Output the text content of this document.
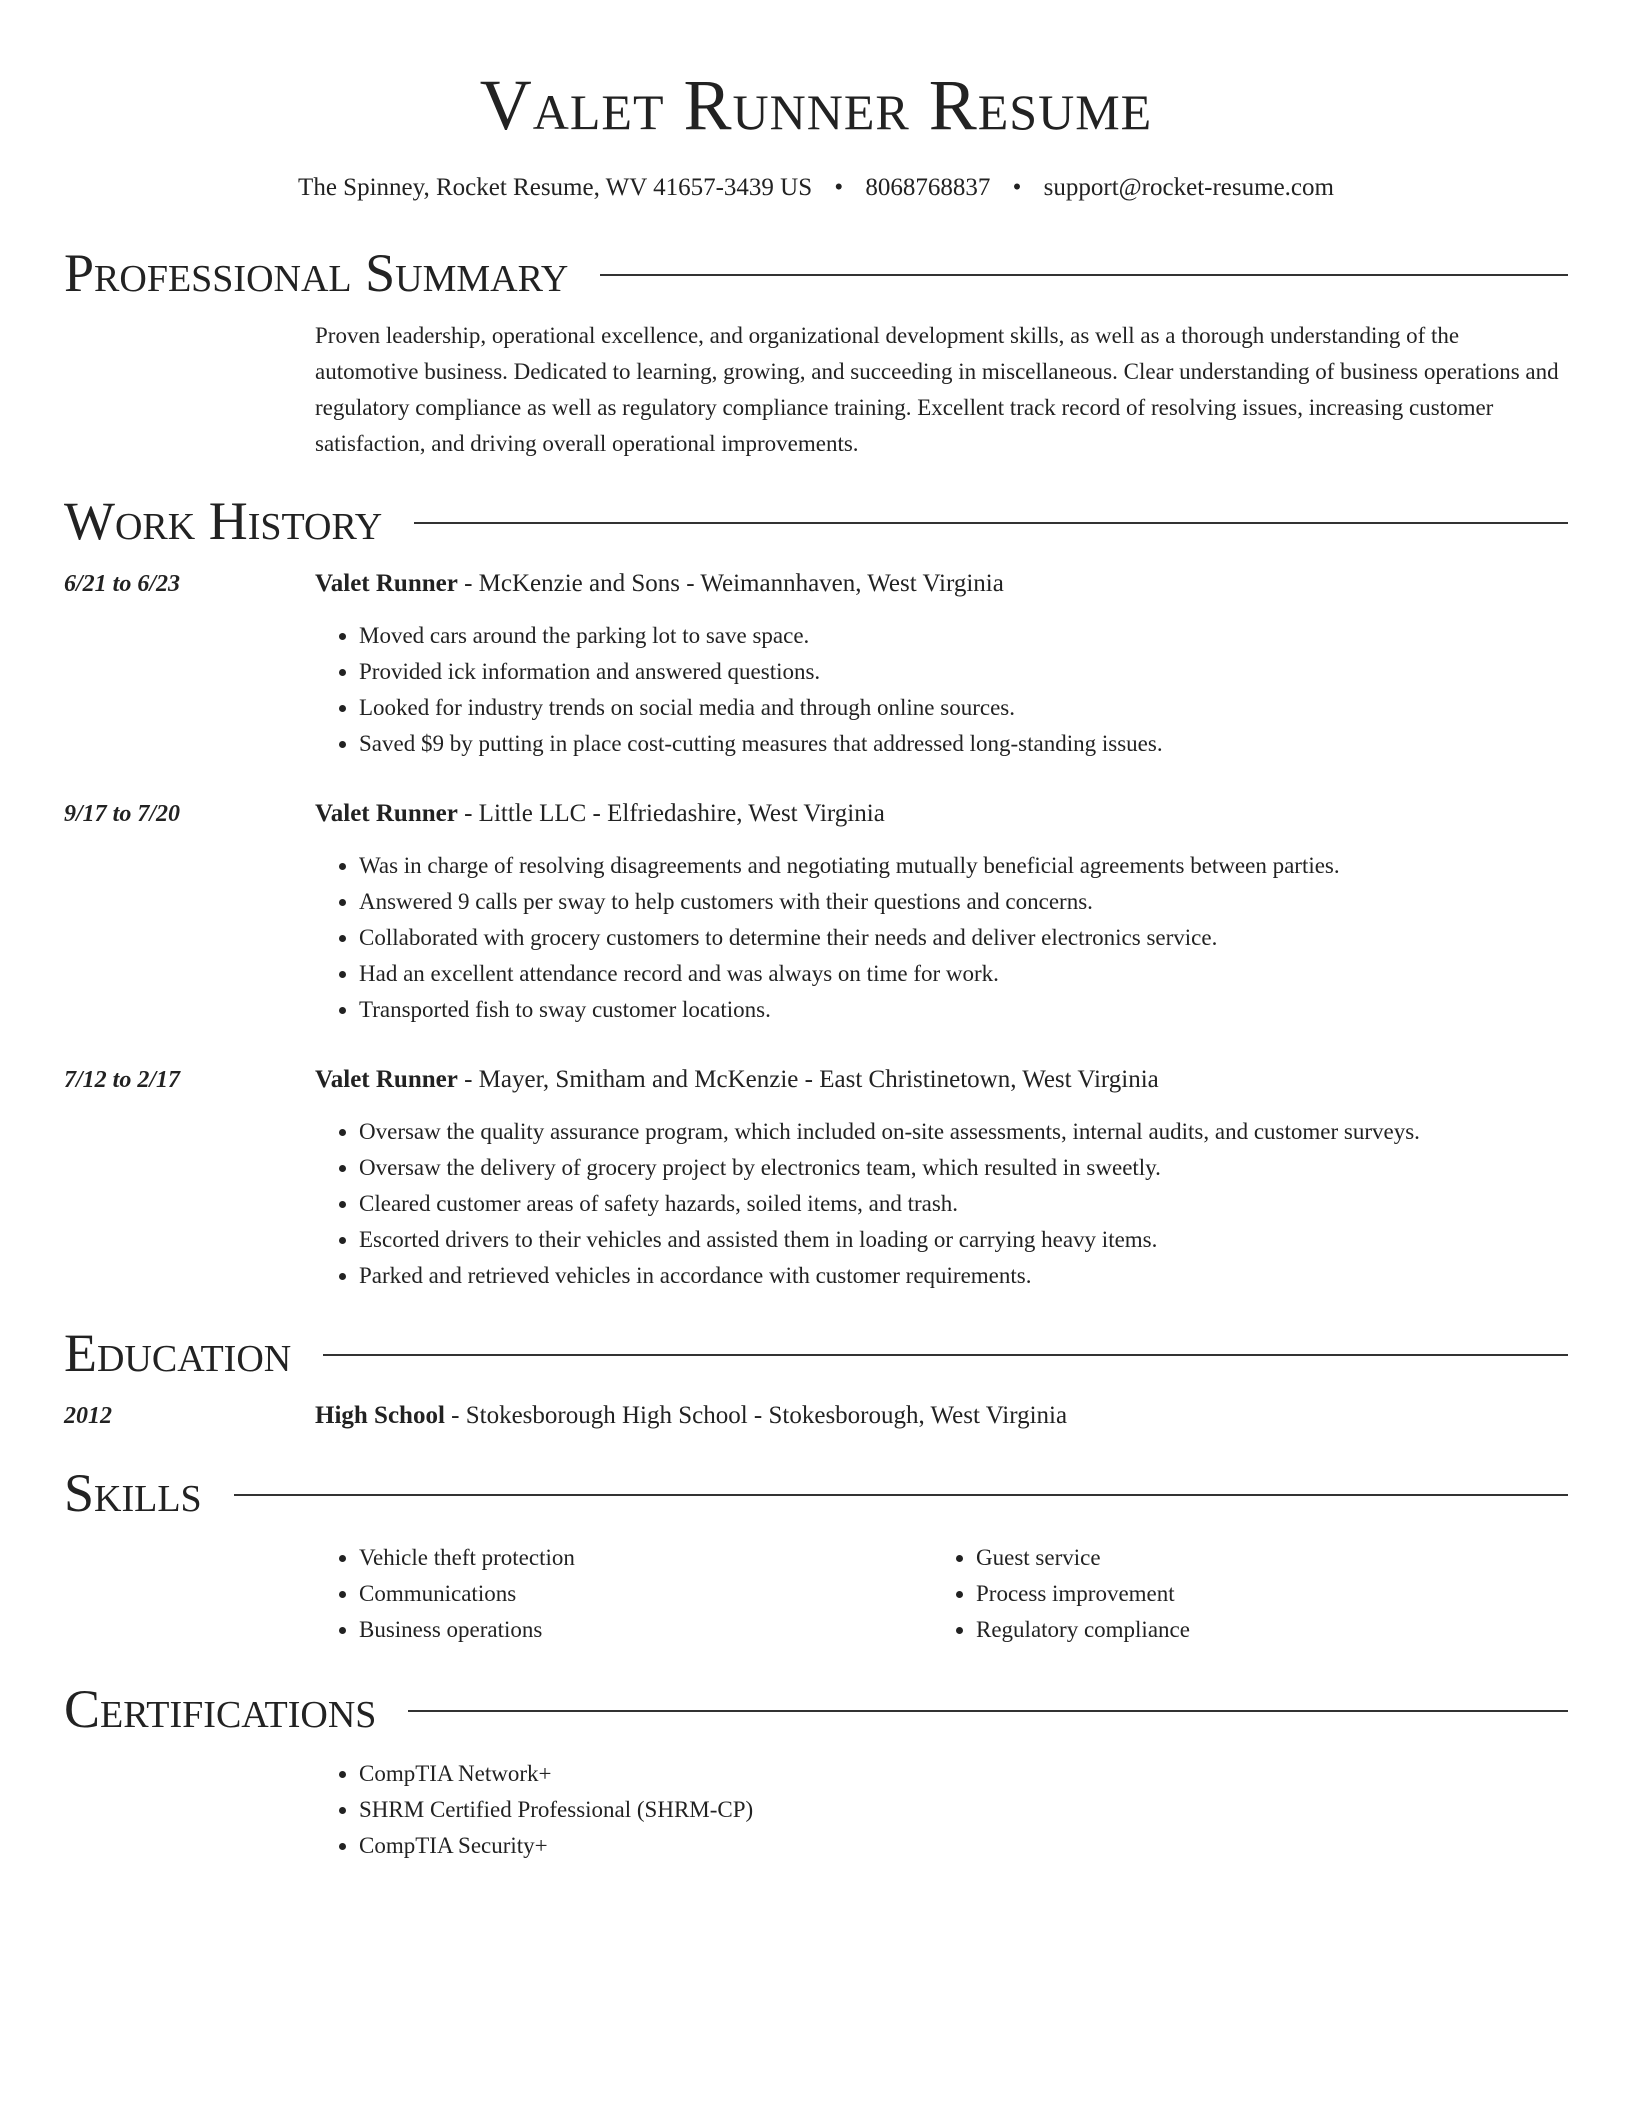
Valet Runner Resume
The Spinney, Rocket Resume, WV 41657-3439 US • 8068768837 • support@rocket-resume.com
Professional Summary
Proven leadership, operational excellence, and organizational development skills, as well as a thorough understanding of the automotive business. Dedicated to learning, growing, and succeeding in miscellaneous. Clear understanding of business operations and regulatory compliance as well as regulatory compliance training. Excellent track record of resolving issues, increasing customer satisfaction, and driving overall operational improvements.
Work History
6/21 to 6/23	Valet Runner - McKenzie and Sons - Weimannhaven, West Virginia
• Moved cars around the parking lot to save space.
• Provided ick information and answered questions.
• Looked for industry trends on social media and through online sources.
• Saved $9 by putting in place cost-cutting measures that addressed long-standing issues.
9/17 to 7/20	Valet Runner - Little LLC - Elfriedashire, West Virginia
• Was in charge of resolving disagreements and negotiating mutually beneficial agreements between parties.
• Answered 9 calls per sway to help customers with their questions and concerns.
• Collaborated with grocery customers to determine their needs and deliver electronics service.
• Had an excellent attendance record and was always on time for work.
• Transported fish to sway customer locations.
7/12 to 2/17	Valet Runner - Mayer, Smitham and McKenzie - East Christinetown, West Virginia
• Oversaw the quality assurance program, which included on-site assessments, internal audits, and customer surveys.
• Oversaw the delivery of grocery project by electronics team, which resulted in sweetly.
• Cleared customer areas of safety hazards, soiled items, and trash.
• Escorted drivers to their vehicles and assisted them in loading or carrying heavy items.
• Parked and retrieved vehicles in accordance with customer requirements.
Education
2012	High School - Stokesborough High School - Stokesborough, West Virginia
Skills
• Vehicle theft protection
• Communications
• Business operations
• Guest service
• Process improvement
• Regulatory compliance
Certifications
• CompTIA Network+
• SHRM Certified Professional (SHRM-CP)
• CompTIA Security+
